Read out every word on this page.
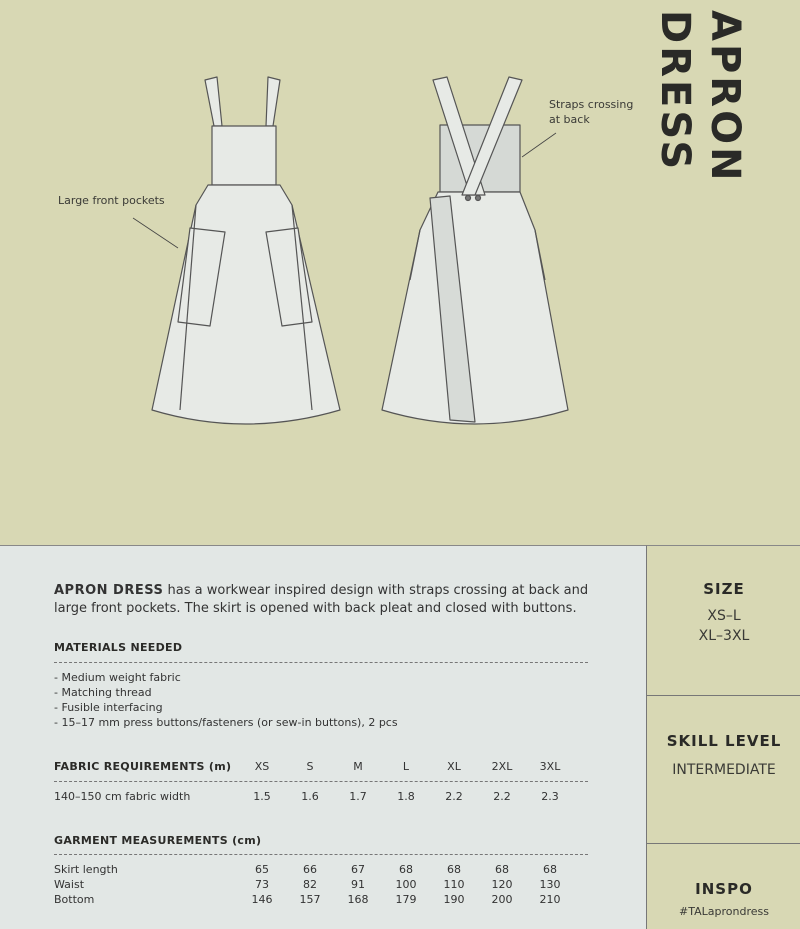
Large front pockets
Straps crossing at back	APRON DRESS
APRON DRESS has a workwear inspired design with straps crossing at back and large front pockets. The skirt is opened with back pleat and closed with buttons.
MATERIALS NEEDED
- Medium weight fabric
- Matching thread
- Fusible interfacing
- 15–17 mm press buttons/fasteners (or sew-in buttons), 2 pcs
FABRIC REQUIREMENTS (m)	XS	S	M	L	XL	2XL	3XL
140–150 cm fabric width	1.5	1.6	1.7	1.8	2.2	2.2	2.3
GARMENT MEASUREMENTS (cm)
Skirt length	65	66	67	68	68	68	68
Waist	73	82	91	100	110	120	130
Bottom	146	157	168	179	190	200	210
SIZE
XS–L
XL–3XL
SKILL LEVEL
INTERMEDIATE
INSPO
#TALaprondress
